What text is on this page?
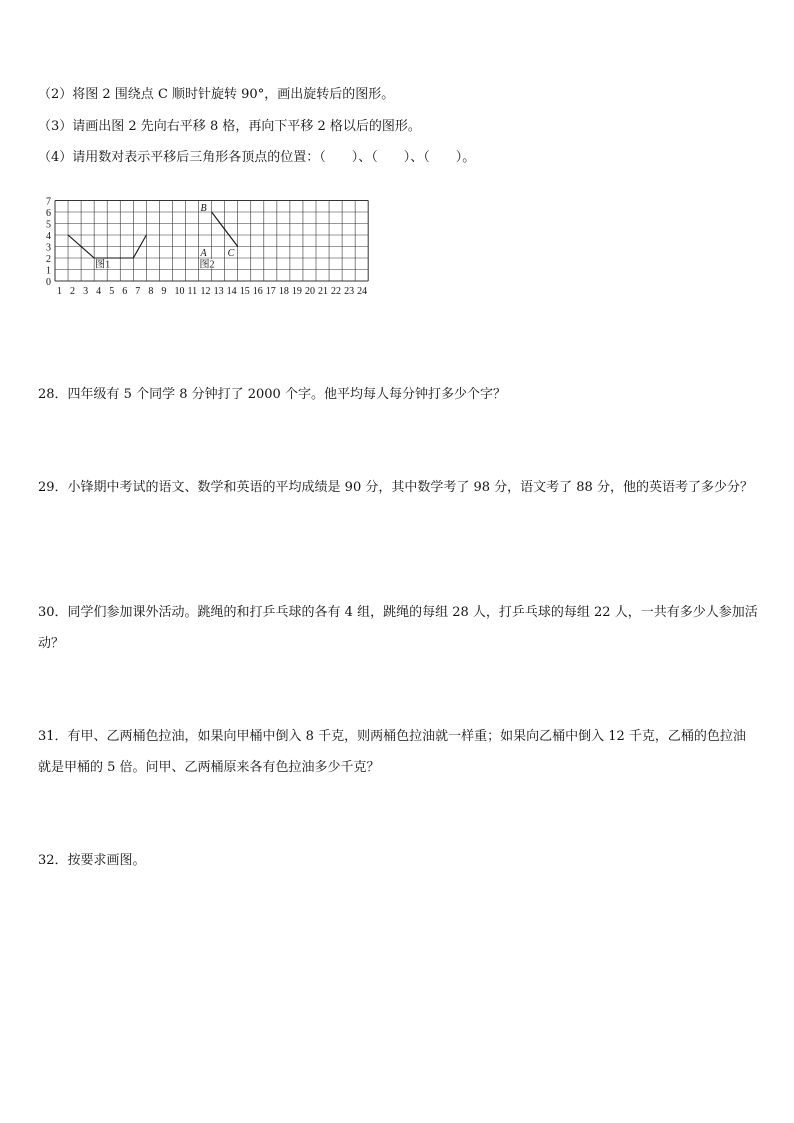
（2）将图 2 围绕点 C 顺时针旋转 90°，画出旋转后的图形。
（3）请画出图 2 先向右平移 8 格，再向下平移 2 格以后的图形。
（4）请用数对表示平移后三角形各顶点的位置：（　　）、（　　）、（　　）。
0
1
2
3
4
5
6
7
1 2 3 4 5 6 7 8 9 10 11 12 13 14 15 16 17 18 19 20 21 22 23 24
图1	图2
A
B
C
28．四年级有 5 个同学 8 分钟打了 2000 个字。他平均每人每分钟打多少个字？
29．小锋期中考试的语文、数学和英语的平均成绩是 90 分，其中数学考了 98 分，语文考了 88 分，他的英语考了多少分？
30．同学们参加课外活动。跳绳的和打乒乓球的各有 4 组，跳绳的每组 28 人，打乒乓球的每组 22 人，一共有多少人参加活动？
31．有甲、乙两桶色拉油，如果向甲桶中倒入 8 千克，则两桶色拉油就一样重；如果向乙桶中倒入 12 千克，乙桶的色拉油就是甲桶的 5 倍。问甲、乙两桶原来各有色拉油多少千克？
32．按要求画图。
